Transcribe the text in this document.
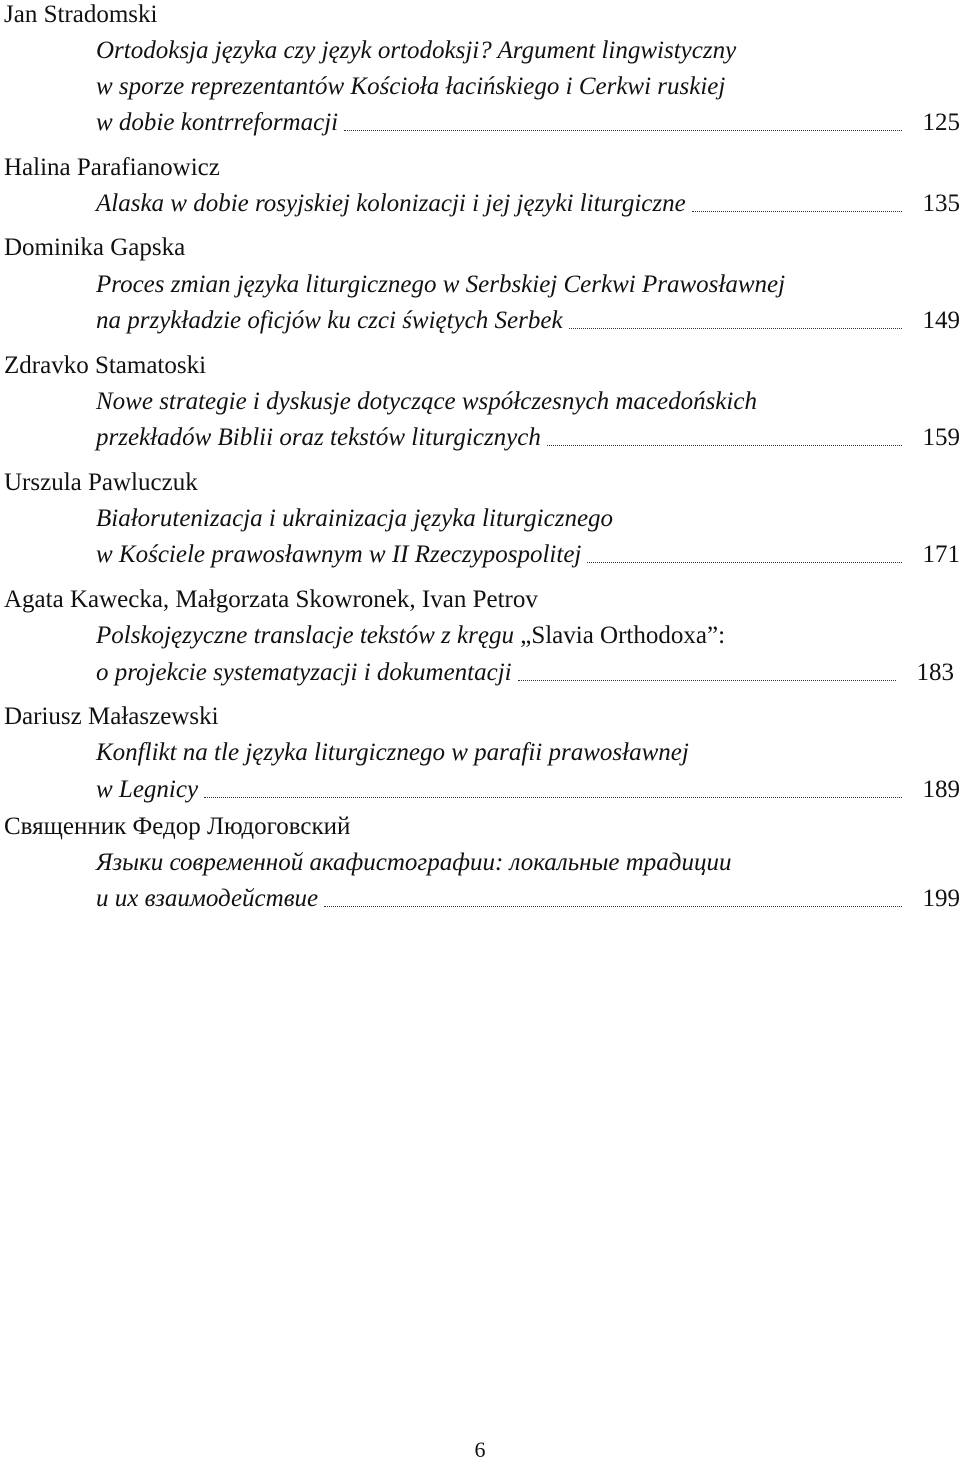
Jan Stradomski
Ortodoksja języka czy język ortodoksji? Argument lingwistyczny
w sporze reprezentantów Kościoła łacińskiego i Cerkwi ruskiej
w dobie kontrreformacji	125
Halina Parafianowicz
Alaska w dobie rosyjskiej kolonizacji i jej języki liturgiczne	135
Dominika Gapska
Proces zmian języka liturgicznego w Serbskiej Cerkwi Prawosławnej
na przykładzie oficjów ku czci świętych Serbek	149
Zdravko Stamatoski
Nowe strategie i dyskusje dotyczące współczesnych macedońskich
przekładów Biblii oraz tekstów liturgicznych	159
Urszula Pawluczuk
Białorutenizacja i ukrainizacja języka liturgicznego
w Kościele prawosławnym w II Rzeczypospolitej	171
Agata Kawecka, Małgorzata Skowronek, Ivan Petrov
Polskojęzyczne translacje tekstów z kręgu „Slavia Orthodoxa”:
o projekcie systematyzacji i dokumentacji	183
Dariusz Małaszewski
Konflikt na tle języka liturgicznego w parafii prawosławnej
w Legnicy	189
Священник Федор Людоговский
Языки современной акафистографии: локальные традиции
и их взаимодействие	199
6
